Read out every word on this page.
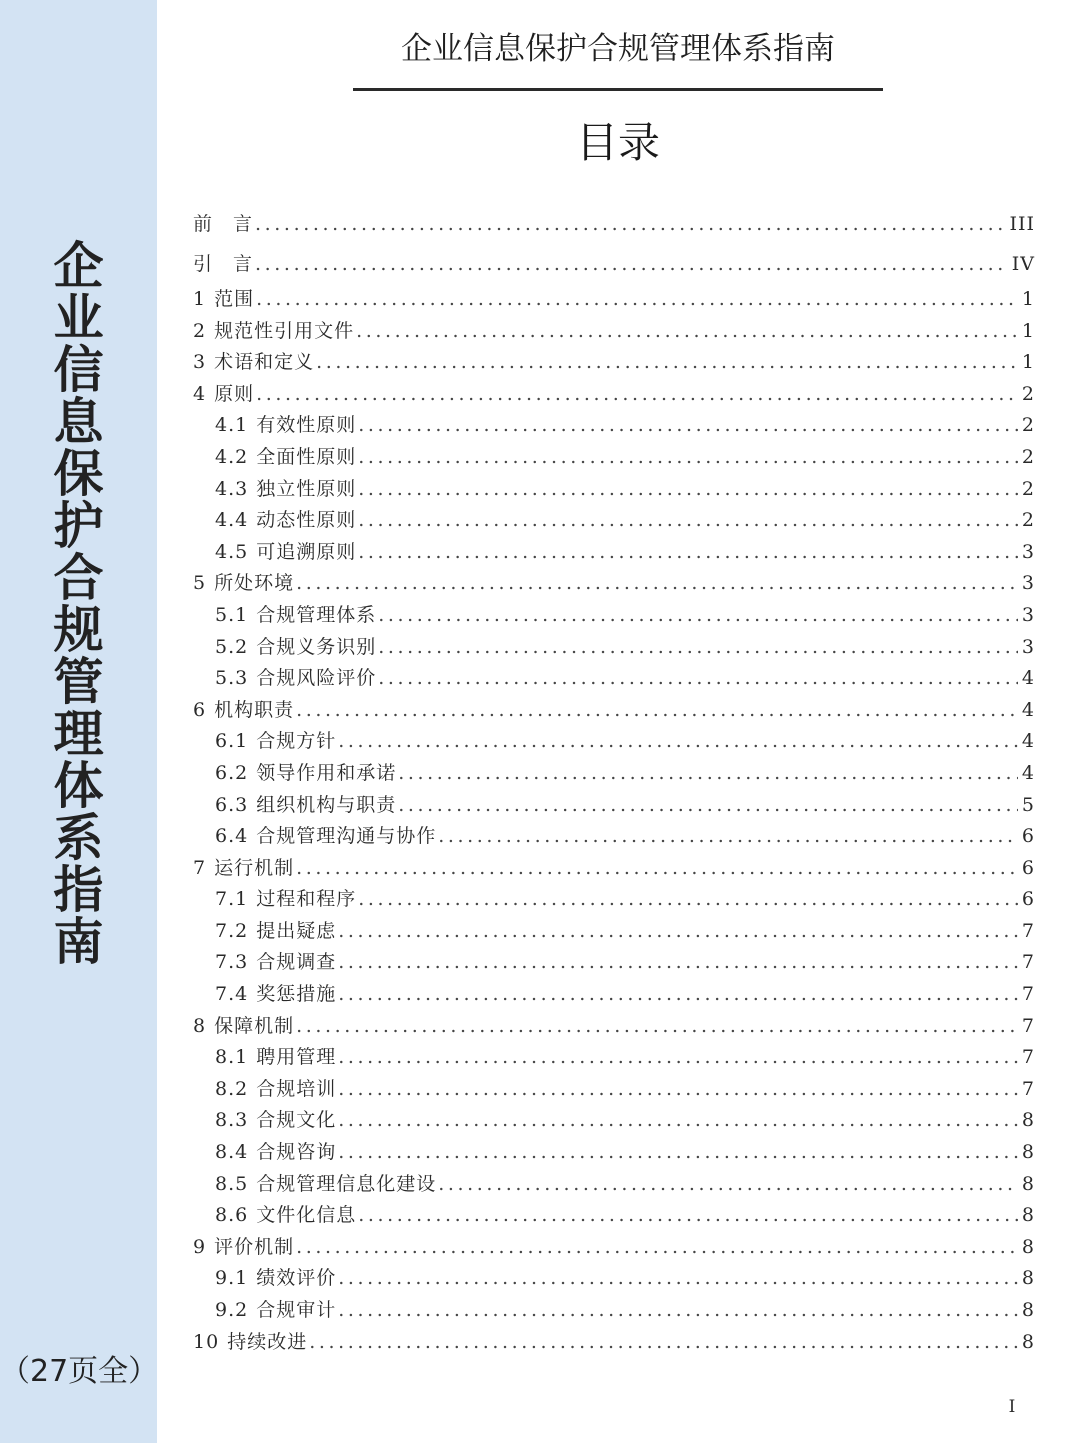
企业信息保护合规管理体系指南
（27页全）
企业信息保护合规管理体系指南
目录
前　言 .....	III
引　言 .....	IV
1 范围 .....	1
2 规范性引用文件 .....	1
3 术语和定义 .....	1
4 原则 .....	2
4.1 有效性原则 .....	2
4.2 全面性原则 .....	2
4.3 独立性原则 .....	2
4.4 动态性原则 .....	2
4.5 可追溯原则 .....	3
5 所处环境 .....	3
5.1 合规管理体系 .....	3
5.2 合规义务识别 .....	3
5.3 合规风险评价 .....	4
6 机构职责 .....	4
6.1 合规方针 .....	4
6.2 领导作用和承诺 .....	4
6.3 组织机构与职责 .....	5
6.4 合规管理沟通与协作 .....	6
7 运行机制 .....	6
7.1 过程和程序 .....	6
7.2 提出疑虑 .....	7
7.3 合规调查 .....	7
7.4 奖惩措施 .....	7
8 保障机制 .....	7
8.1 聘用管理 .....	7
8.2 合规培训 .....	7
8.3 合规文化 .....	8
8.4 合规咨询 .....	8
8.5 合规管理信息化建设 .....	8
8.6 文件化信息 .....	8
9 评价机制 .....	8
9.1 绩效评价 .....	8
9.2 合规审计 .....	8
10 持续改进 .....	8
I
